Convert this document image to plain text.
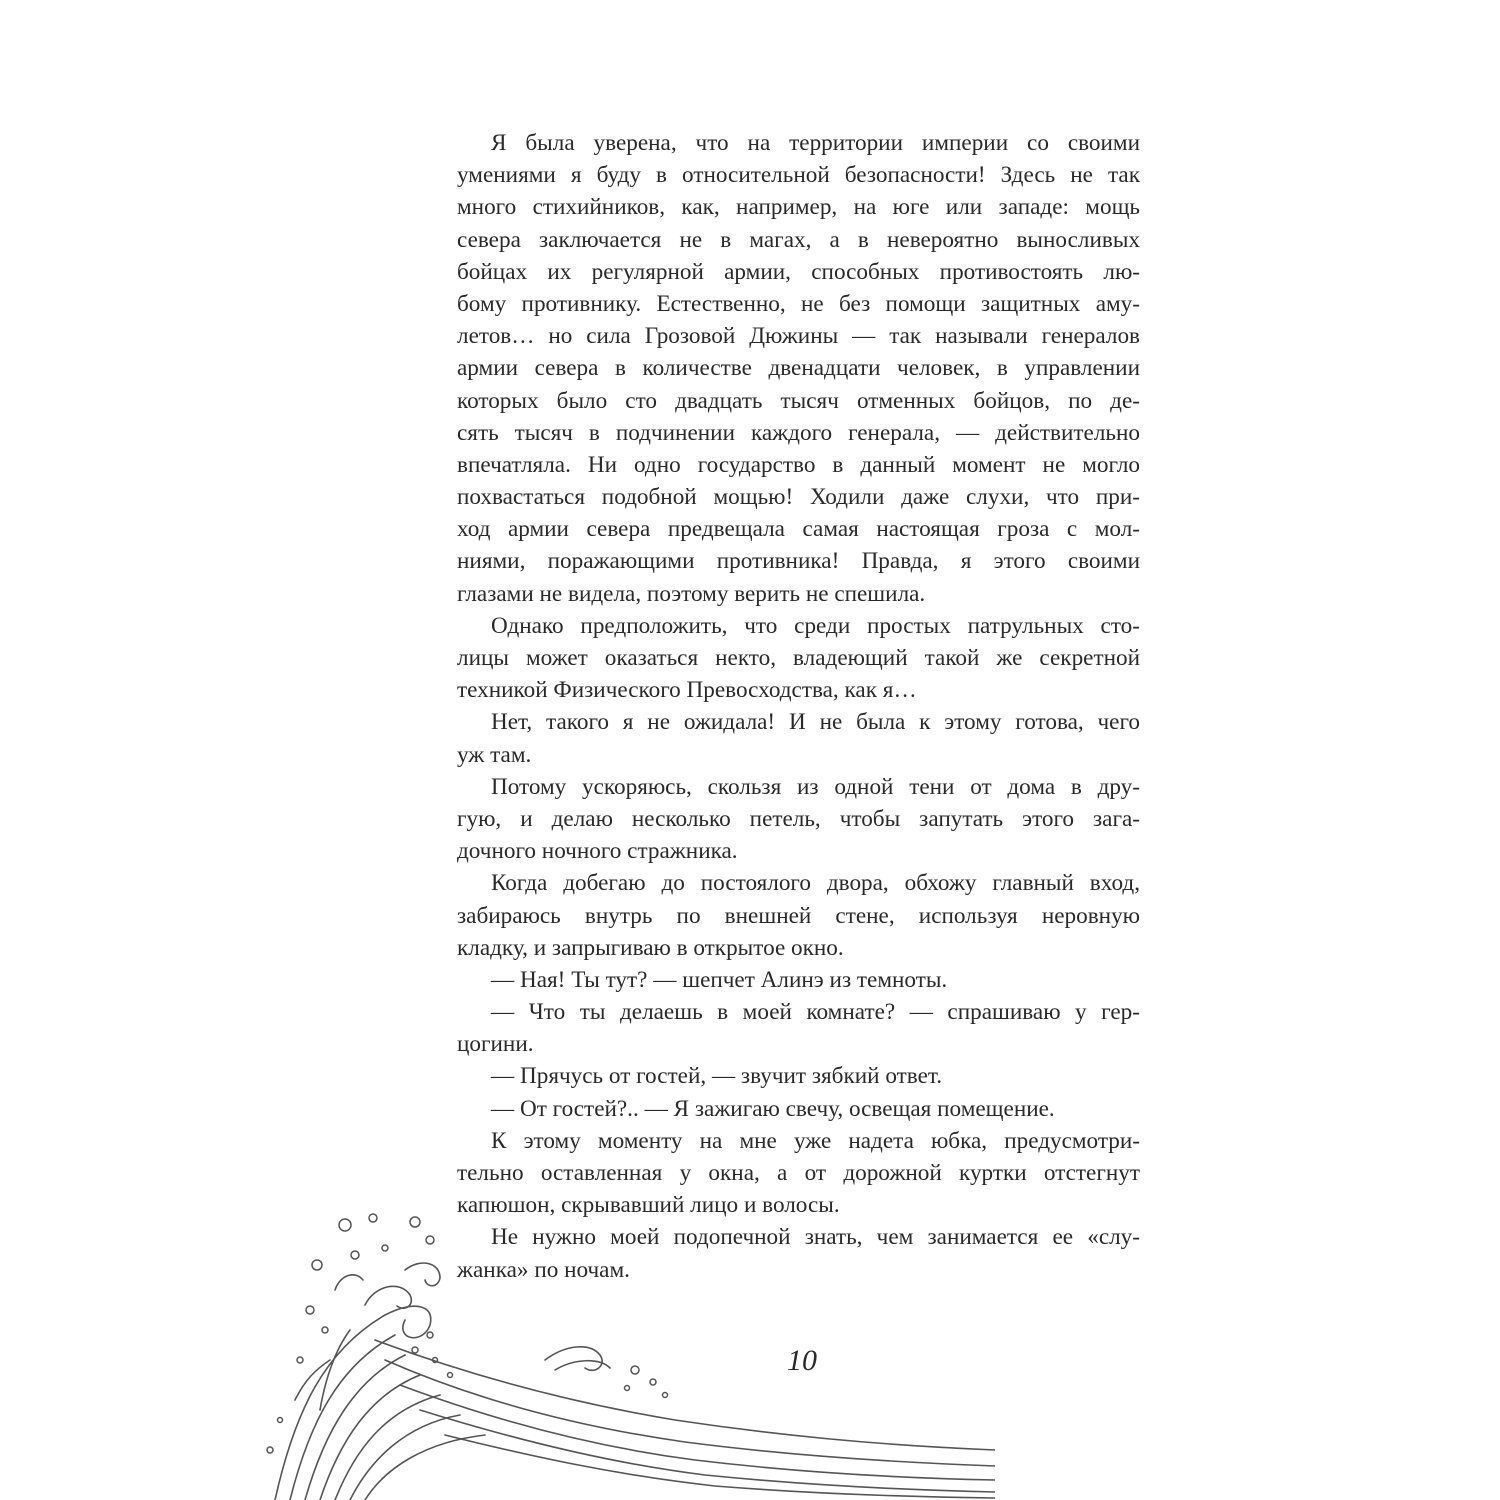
Я была уверена, что на территории империи со своими
умениями я буду в относительной безопасности! Здесь не так
много стихийников, как, например, на юге или западе: мощь
севера заключается не в магах, а в невероятно выносливых
бойцах их регулярной армии, способных противостоять лю-
бому противнику. Естественно, не без помощи защитных аму-
летов… но сила Грозовой Дюжины — так называли генералов
армии севера в количестве двенадцати человек, в управлении
которых было сто двадцать тысяч отменных бойцов, по де-
сять тысяч в подчинении каждого генерала, — действительно
впечатляла. Ни одно государство в данный момент не могло
похвастаться подобной мощью! Ходили даже слухи, что при-
ход армии севера предвещала самая настоящая гроза с мол-
ниями, поражающими противника! Правда, я этого своими
глазами не видела, поэтому верить не спешила.
Однако предположить, что среди простых патрульных сто-
лицы может оказаться некто, владеющий такой же секретной
техникой Физического Превосходства, как я…
Нет, такого я не ожидала! И не была к этому готова, чего
уж там.
Потому ускоряюсь, скользя из одной тени от дома в дру-
гую, и делаю несколько петель, чтобы запутать этого зага-
дочного ночного стражника.
Когда добегаю до постоялого двора, обхожу главный вход,
забираюсь внутрь по внешней стене, используя неровную
кладку, и запрыгиваю в открытое окно.
— Ная! Ты тут? — шепчет Алинэ из темноты.
— Что ты делаешь в моей комнате? — спрашиваю у гер-
цогини.
— Прячусь от гостей, — звучит зябкий ответ.
— От гостей?.. — Я зажигаю свечу, освещая помещение.
К этому моменту на мне уже надета юбка, предусмотри-
тельно оставленная у окна, а от дорожной куртки отстегнут
капюшон, скрывавший лицо и волосы.
Не нужно моей подопечной знать, чем занимается ее «слу-
жанка» по ночам.
10
